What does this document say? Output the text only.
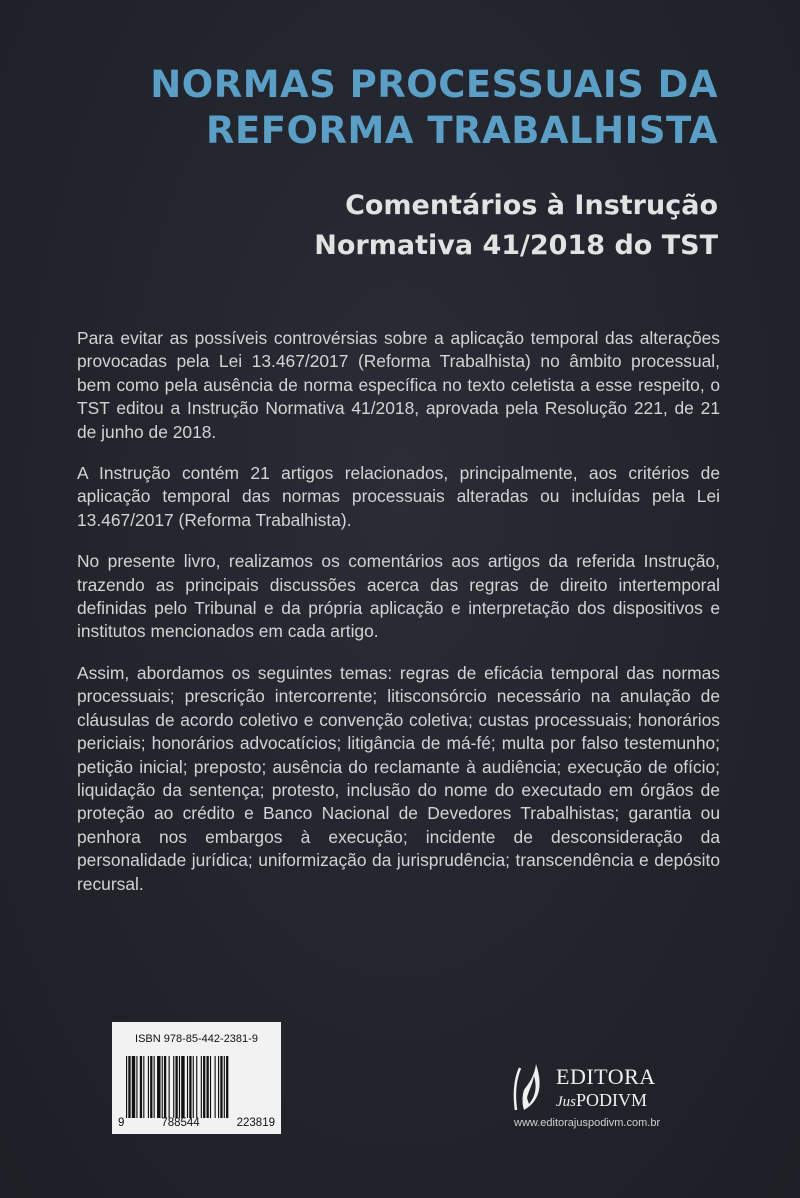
NORMAS PROCESSUAIS DA
REFORMA TRABALHISTA
Comentários à Instrução
Normativa 41/2018 do TST

Para evitar as possíveis controvérsias sobre a aplicação temporal das alterações provocadas pela Lei 13.467/2017 (Reforma Trabalhista) no âmbito processual, bem como pela ausência de norma específica no texto celetista a esse respeito, o TST editou a Instrução Normativa 41/2018, aprovada pela Resolução 221, de 21 de junho de 2018.

A Instrução contém 21 artigos relacionados, principalmente, aos critérios de aplicação temporal das normas processuais alteradas ou incluídas pela Lei 13.467/2017 (Reforma Trabalhista).

No presente livro, realizamos os comentários aos artigos da referida Instrução, trazendo as principais discussões acerca das regras de direito intertemporal definidas pelo Tribunal e da própria aplicação e interpretação dos dispositivos e institutos mencionados em cada artigo.

Assim, abordamos os seguintes temas: regras de eficácia temporal das normas processuais; prescrição intercorrente; litisconsórcio necessário na anulação de cláusulas de acordo coletivo e convenção coletiva; custas processuais; honorários periciais; honorários advocatícios; litigância de má-fé; multa por falso testemunho; petição inicial; preposto; ausência do reclamante à audiência; execução de ofício; liquidação da sentença; protesto, inclusão do nome do executado em órgãos de proteção ao crédito e Banco Nacional de Devedores Trabalhistas; garantia ou penhora nos embargos à execução; incidente de desconsideração da personalidade jurídica; uniformização da jurisprudência; transcendência e depósito recursal.

ISBN 978-85-442-2381-9
9	788544	223819
EDITORA
JusPODIVM
www.editorajuspodivm.com.br
